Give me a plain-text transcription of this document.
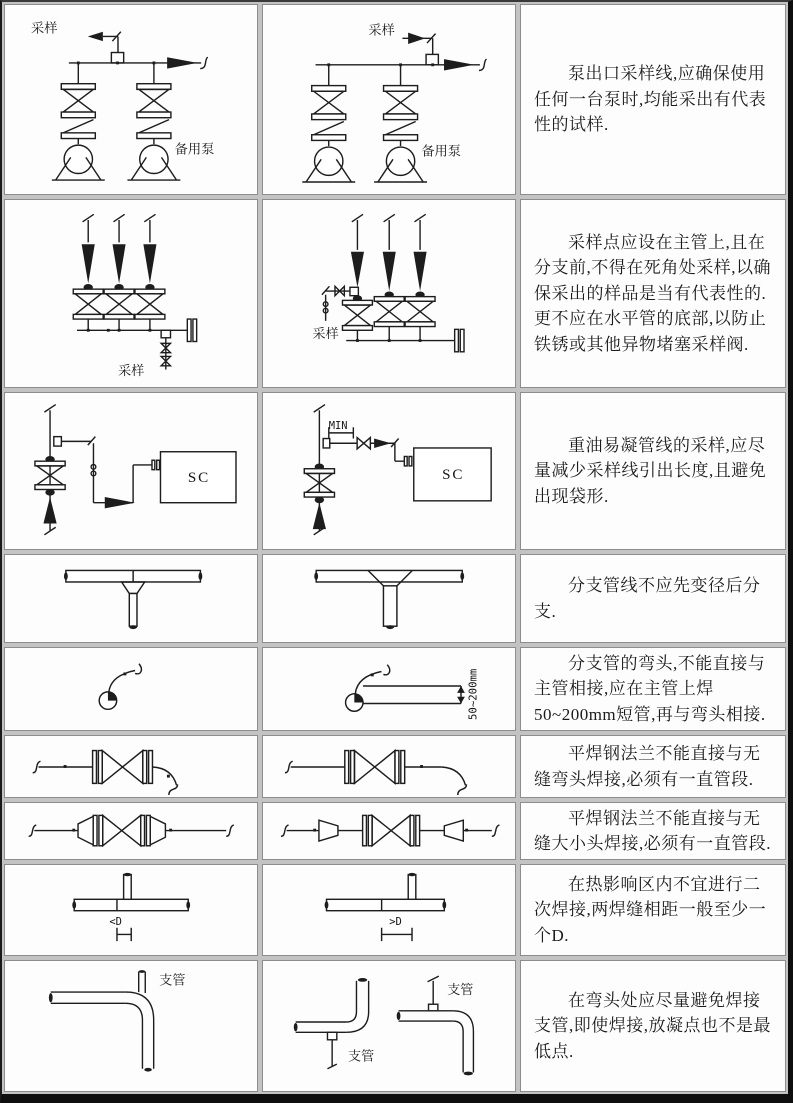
采样
备用泵
采样
备用泵
泵出口采样线,应确保使用任何一台泵时,均能采出有代表性的试样.
采样
采样
采样点应设在主管上,且在分支前,不得在死角处采样,以确保采出的样品是当有代表性的.更不应在水平管的底部,以防止铁锈或其他异物堵塞采样阀.
SC
MIN
SC
重油易凝管线的采样,应尽量减少采样线引出长度,且避免出现袋形.
分支管线不应先变径后分支.
50~200mm
分支管的弯头,不能直接与主管相接,应在主管上焊50~200mm短管,再与弯头相接.
平焊钢法兰不能直接与无缝弯头焊接,必须有一直管段.
平焊钢法兰不能直接与无缝大小头焊接,必须有一直管段.
<D	>D
在热影响区内不宜进行二次焊接,两焊缝相距一般至少一个D.
支管
支管
支管
在弯头处应尽量避免焊接支管,即使焊接,放凝点也不是最低点.
